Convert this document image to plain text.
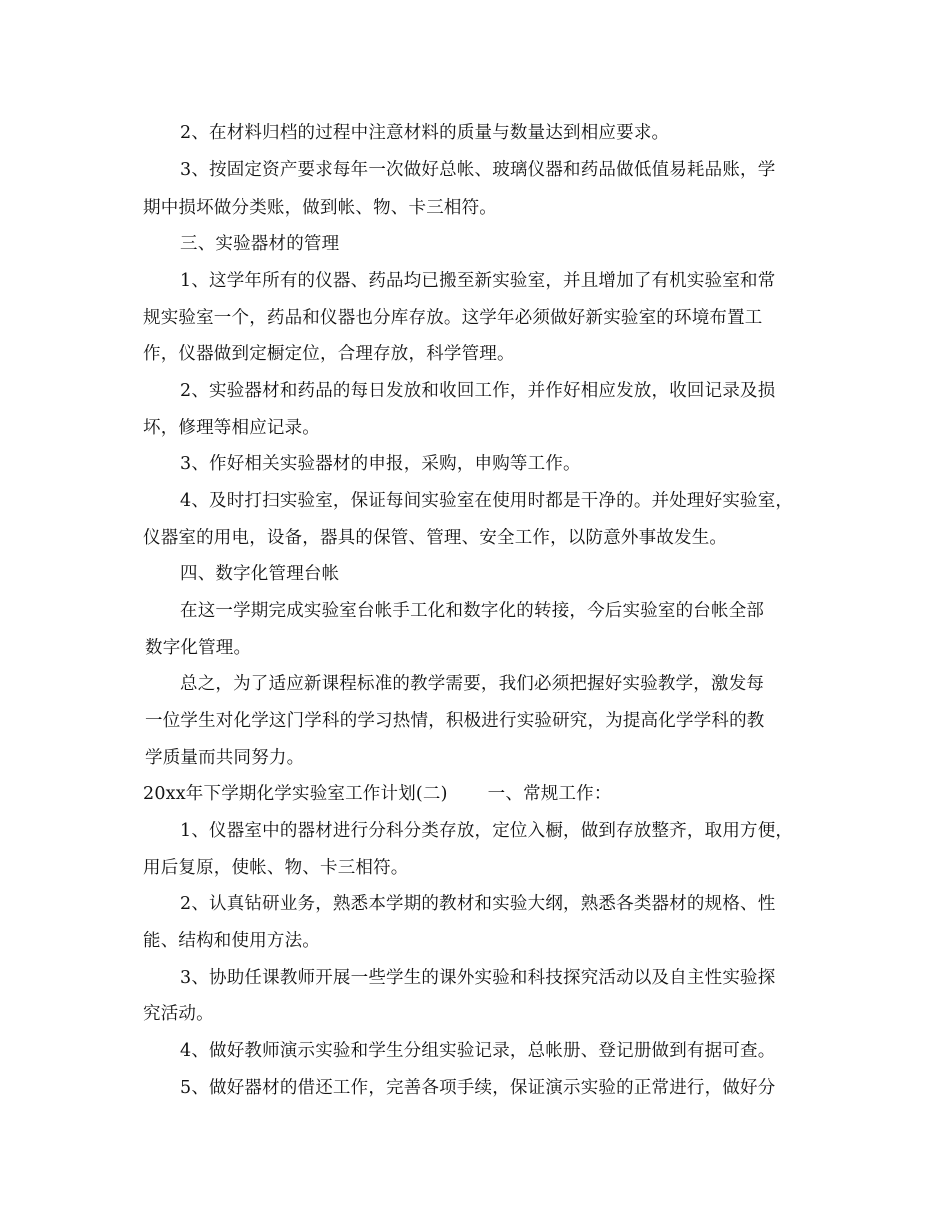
2、在材料归档的过程中注意材料的质量与数量达到相应要求。
3、按固定资产要求每年一次做好总帐、玻璃仪器和药品做低值易耗品账，学
期中损坏做分类账，做到帐、物、卡三相符。
三、实验器材的管理
1、这学年所有的仪器、药品均已搬至新实验室，并且增加了有机实验室和常
规实验室一个，药品和仪器也分库存放。这学年必须做好新实验室的环境布置工
作，仪器做到定橱定位，合理存放，科学管理。
2、实验器材和药品的每日发放和收回工作，并作好相应发放，收回记录及损
坏，修理等相应记录。
3、作好相关实验器材的申报，采购，申购等工作。
4、及时打扫实验室，保证每间实验室在使用时都是干净的。并处理好实验室，
仪器室的用电，设备，器具的保管、管理、安全工作，以防意外事故发生。
四、数字化管理台帐
在这一学期完成实验室台帐手工化和数字化的转接，今后实验室的台帐全部
数字化管理。
总之，为了适应新课程标准的教学需要，我们必须把握好实验教学，激发每
一位学生对化学这门学科的学习热情，积极进行实验研究，为提高化学学科的教
学质量而共同努力。
20xx年下学期化学实验室工作计划(二) 一、常规工作：
1、仪器室中的器材进行分科分类存放，定位入橱，做到存放整齐，取用方便，
用后复原，使帐、物、卡三相符。
2、认真钻研业务，熟悉本学期的教材和实验大纲，熟悉各类器材的规格、性
能、结构和使用方法。
3、协助任课教师开展一些学生的课外实验和科技探究活动以及自主性实验探
究活动。
4、做好教师演示实验和学生分组实验记录，总帐册、登记册做到有据可查。
5、做好器材的借还工作，完善各项手续，保证演示实验的正常进行，做好分
